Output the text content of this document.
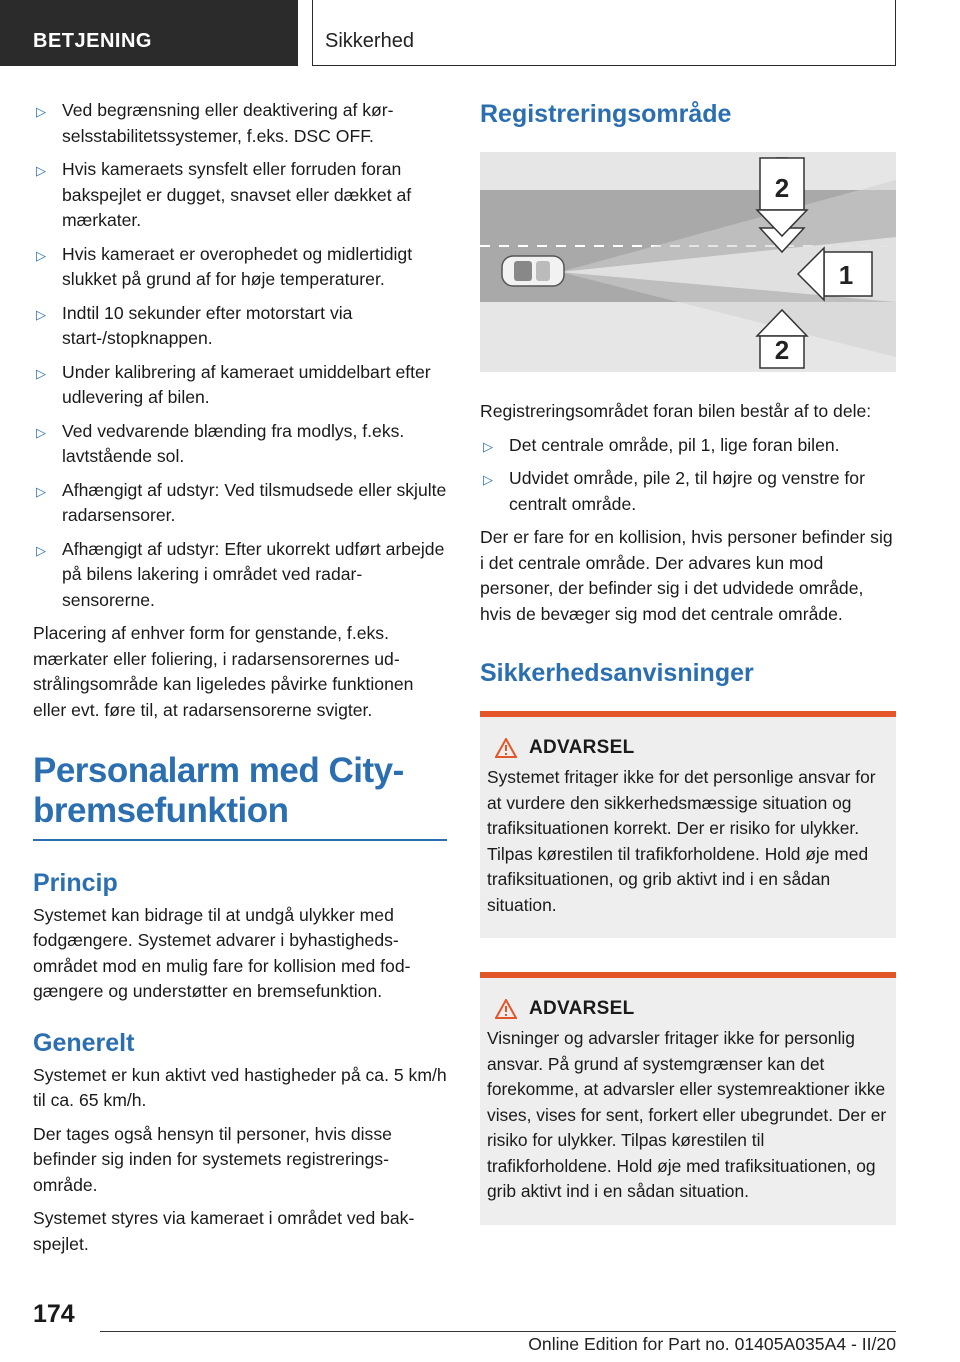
BETJENING	Sikkerhed
▷ Ved begrænsning eller deaktivering af kørselsstabilitetssystemer, f.eks. DSC OFF.
▷ Hvis kameraets synsfelt eller forruden foran bakspejlet er dugget, snavset eller dækket af mærkater.
▷ Hvis kameraet er overophedet og midlertidigt slukket på grund af for høje temperaturer.
▷ Indtil 10 sekunder efter motorstart via start-/stopknappen.
▷ Under kalibrering af kameraet umiddelbart efter udlevering af bilen.
▷ Ved vedvarende blænding fra modlys, f.eks. lavtstående sol.
▷ Afhængigt af udstyr: Ved tilsmudsede eller skjulte radarsensorer.
▷ Afhængigt af udstyr: Efter ukorrekt udført arbejde på bilens lakering i området ved radarsensorerne.

Placering af enhver form for genstande, f.eks. mærkater eller foliering, i radarsensorernes udstrålingsområde kan ligeledes påvirke funktionen eller evt. føre til, at radarsensorerne svigter.

Personalarm med City-bremsefunktion
Princip

Systemet kan bidrage til at undgå ulykker med fodgængere. Systemet advarer i byhastighedsområdet mod en mulig fare for kollision med fodgængere og understøtter en bremsefunktion.

Generelt

Systemet er kun aktivt ved hastigheder på ca. 5 km/h til ca. 65 km/h.

Der tages også hensyn til personer, hvis disse befinder sig inden for systemets registreringsområde.

Systemet styres via kameraet i området ved bakspejlet.

Registreringsområde
2
1
2

Registreringsområdet foran bilen består af to dele:

▷ Det centrale område, pil 1, lige foran bilen.
▷ Udvidet område, pile 2, til højre og venstre for centralt område.

Der er fare for en kollision, hvis personer befinder sig i det centrale område. Der advares kun mod personer, der befinder sig i det udvidede område, hvis de bevæger sig mod det centrale område.

Sikkerhedsanvisninger
ADVARSEL

Systemet fritager ikke for det personlige ansvar for at vurdere den sikkerhedsmæssige situation og trafiksituationen korrekt. Der er risiko for ulykker. Tilpas kørestilen til trafikforholdene. Hold øje med trafiksituationen, og grib aktivt ind i en sådan situation.

ADVARSEL

Visninger og advarsler fritager ikke for personlig ansvar. På grund af systemgrænser kan det forekomme, at advarsler eller systemreaktioner ikke vises, vises for sent, forkert eller ubegrundet. Der er risiko for ulykker. Tilpas kørestilen til trafikforholdene. Hold øje med trafiksituationen, og grib aktivt ind i en sådan situation.

174
Online Edition for Part no. 01405A035A4 - II/20
